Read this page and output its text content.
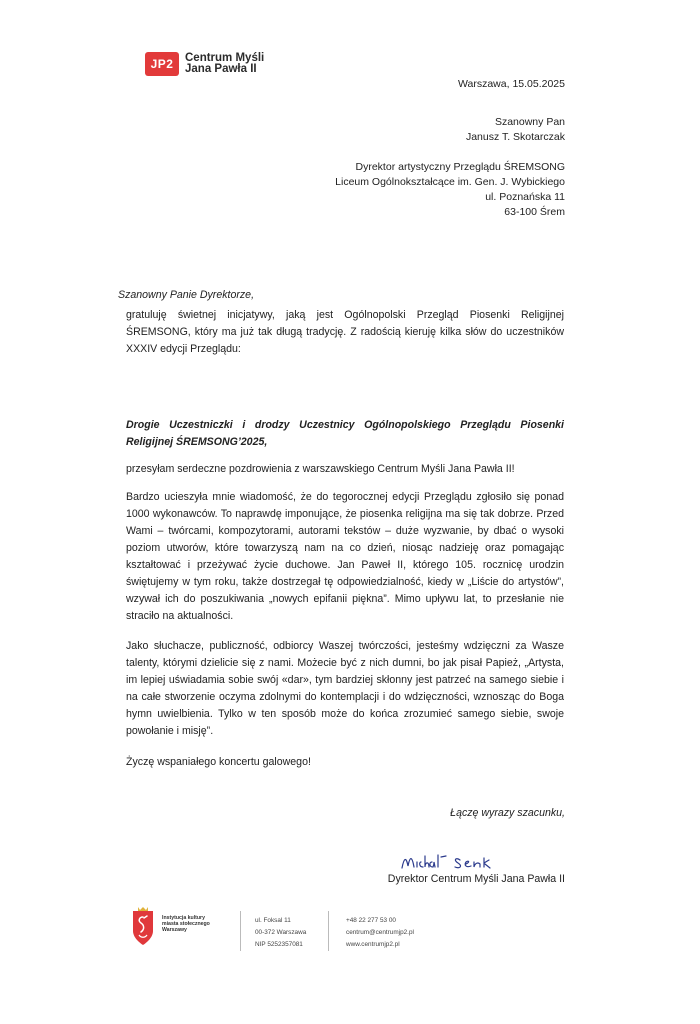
JP2	Centrum Myśli
Jana Pawła II
Warszawa, 15.05.2025
Szanowny Pan
Janusz T. Skotarczak
Dyrektor artystyczny Przeglądu ŚREMSONG
Liceum Ogólnokształcące im. Gen. J. Wybickiego
ul. Poznańska 11
63-100 Śrem
Szanowny Panie Dyrektorze,
gratuluję świetnej inicjatywy, jaką jest Ogólnopolski Przegląd Piosenki Religijnej ŚREMSONG, który ma już tak długą tradycję. Z radością kieruję kilka słów do uczestników XXXIV edycji Przeglądu:
Drogie Uczestniczki i drodzy Uczestnicy Ogólnopolskiego Przeglądu Piosenki Religijnej ŚREMSONG’2025,
przesyłam serdeczne pozdrowienia z warszawskiego Centrum Myśli Jana Pawła II!
Bardzo ucieszyła mnie wiadomość, że do tegorocznej edycji Przeglądu zgłosiło się ponad 1000 wykonawców. To naprawdę imponujące, że piosenka religijna ma się tak dobrze. Przed Wami – twórcami, kompozytorami, autorami tekstów – duże wyzwanie, by dbać o wysoki poziom utworów, które towarzyszą nam na co dzień, niosąc nadzieję oraz pomagając kształtować i przeżywać życie duchowe. Jan Paweł II, którego 105. rocznicę urodzin świętujemy w tym roku, także dostrzegał tę odpowiedzialność, kiedy w „Liście do artystów”, wzywał ich do poszukiwania „nowych epifanii piękna”. Mimo upływu lat, to przesłanie nie straciło na aktualności.
Jako słuchacze, publiczność, odbiorcy Waszej twórczości, jesteśmy wdzięczni za Wasze talenty, którymi dzielicie się z nami. Możecie być z nich dumni, bo jak pisał Papież, „Artysta, im lepiej uświadamia sobie swój «dar», tym bardziej skłonny jest patrzeć na samego siebie i na całe stworzenie oczyma zdolnymi do kontemplacji i do wdzięczności, wznosząc do Boga hymn uwielbienia. Tylko w ten sposób może do końca zrozumieć samego siebie, swoje powołanie i misję”.
Życzę wspaniałego koncertu galowego!
Łączę wyrazy szacunku,
Dyrektor Centrum Myśli Jana Pawła II
Instytucja kultury
miasta stołecznego
Warszawy
ul. Foksal 11
00-372 Warszawa
NIP 5252357081
+48 22 277 53 00
centrum@centrumjp2.pl
www.centrumjp2.pl
